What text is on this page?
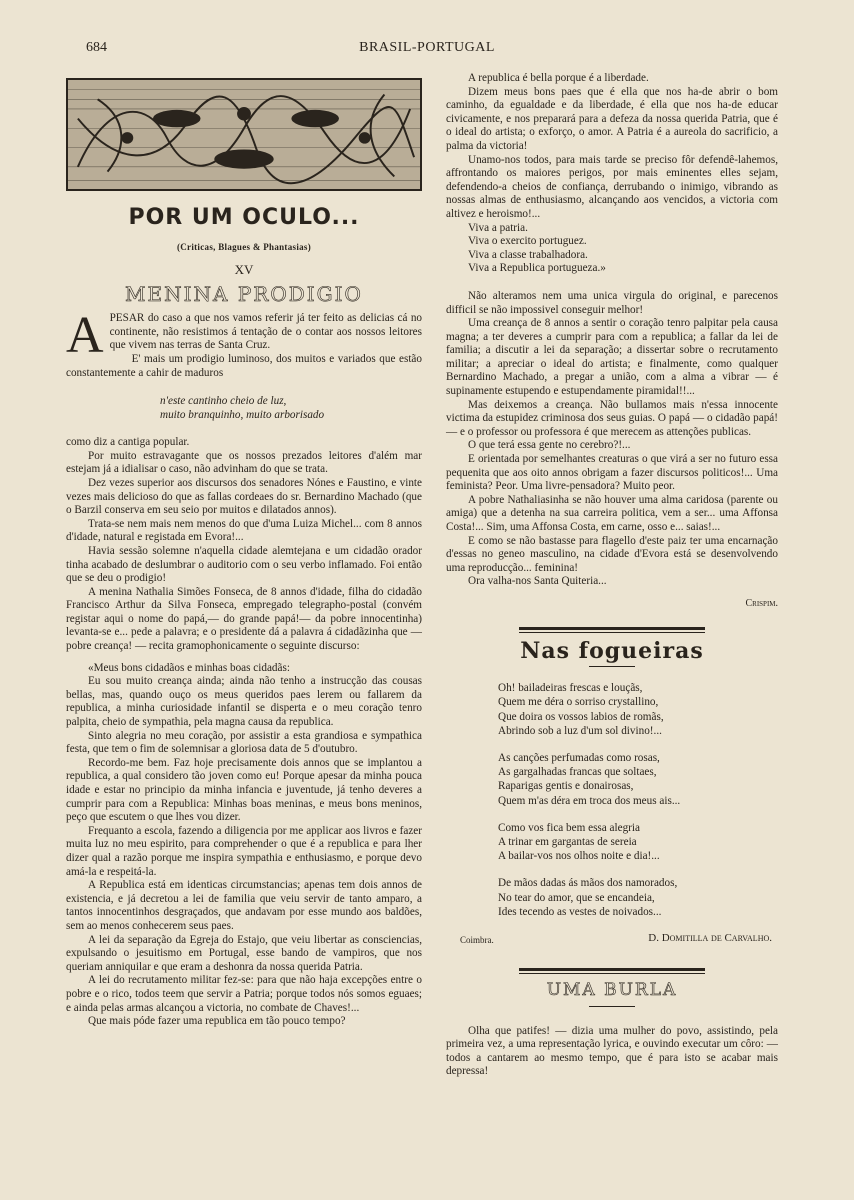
684	BRASIL-PORTUGAL
POR UM OCULO...
(Criticas, Blagues & Phantasias)
XV
MENINA PRODIGIO
A PESAR do caso a que nos vamos referir já ter feito as delicias cá no continente, não resistimos á tentação de o contar aos nossos leitores que vivem nas terras de Santa Cruz.

E' mais um prodigio luminoso, dos muitos e variados que estão constantemente a cahir de maduros

n'este cantinho cheio de luz,
muito branquinho, muito arborisado

como diz a cantiga popular.

Por muito estravagante que os nossos prezados leitores d'além mar estejam já a idialisar o caso, não advinham do que se trata.

Dez vezes superior aos discursos dos senadores Nónes e Faustino, e vinte vezes mais delicioso do que as fallas cordeaes do sr. Bernardino Machado (que o Barzil conserva em seu seio por muitos e dilatados annos).

Trata-se nem mais nem menos do que d'uma Luiza Michel... com 8 annos d'idade, natural e registada em Evora!...

Havia sessão solemne n'aquella cidade alemtejana e um cidadão orador tinha acabado de deslumbrar o auditorio com o seu verbo inflamado. Foi então que se deu o prodigio!

A menina Nathalia Simões Fonseca, de 8 annos d'idade, filha do cidadão Francisco Arthur da Silva Fonseca, empregado telegrapho-postal (convém registar aqui o nome do papá,— do grande papá!— da pobre innocentinha) levanta-se e... pede a palavra; e o presidente dá a palavra á cidadãzinha que — pobre creança! — recita gramophonicamente o seguinte discurso:

«Meus bons cidadãos e minhas boas cidadãs:

Eu sou muito creança ainda; ainda não tenho a instrucção das cousas bellas, mas, quando ouço os meus queridos paes lerem ou fallarem da republica, a minha curiosidade infantil se disperta e o meu coração tenro palpita, cheio de sympathia, pela magna causa da republica.

Sinto alegria no meu coração, por assistir a esta grandiosa e sympathica festa, que tem o fim de solemnisar a gloriosa data de 5 d'outubro.

Recordo-me bem. Faz hoje precisamente dois annos que se implantou a republica, a qual considero tão joven como eu! Porque apesar da minha pouca idade e estar no principio da minha infancia e juventude, já tenho deveres a cumprir para com a Republica: Minhas boas meninas, e meus bons meninos, peço que escutem o que lhes vou dizer.

Frequanto a escola, fazendo a diligencia por me applicar aos livros e fazer muita luz no meu espirito, para comprehender o que é a republica e para lher dizer qual a razão porque me inspira sympathia e enthusiasmo, e porque devo amá-la e respeitá-la.

A Republica está em identicas circumstancias; apenas tem dois annos de existencia, e já decretou a lei de familia que veiu servir de tanto amparo, a tantos innocentinhos desgraçados, que andavam por esse mundo aos baldões, sem ao menos conhecerem seus paes.

A lei da separação da Egreja do Estajo, que veiu libertar as consciencias, expulsando o jesuitismo em Portugal, esse bando de vampiros, que nos queriam anniquilar e que eram a deshonra da nossa querida Patria.

A lei do recrutamento militar fez-se: para que não haja excepções entre o pobre e o rico, todos teem que servir a Patria; porque todos nós somos eguaes; e ainda pelas armas alcançou a victoria, no combate de Chaves!...

Que mais póde fazer uma republica em tão pouco tempo?

A republica é bella porque é a liberdade.

Dizem meus bons paes que é ella que nos ha-de abrir o bom caminho, da egualdade e da liberdade, é ella que nos ha-de educar civicamente, e nos preparará para a defeza da nossa querida Patria, que é o ideal do artista; o exforço, o amor. A Patria é a aureola do sacrificio, a palma da victoria!

Unamo-nos todos, para mais tarde se preciso fôr defendê-lahemos, affrontando os maiores perigos, por mais eminentes elles sejam, defendendo-a cheios de confiança, derrubando o inimigo, vibrando as nossas almas de enthusiasmo, alcançando aos vencidos, a victoria com altivez e heroismo!...

Viva a patria.
Viva o exercito portuguez.
Viva a classe trabalhadora.
Viva a Republica portugueza.»

Não alteramos nem uma unica virgula do original, e parecenos difficil se não impossivel conseguir melhor!

Uma creança de 8 annos a sentir o coração tenro palpitar pela causa magna; a ter deveres a cumprir para com a republica; a fallar da lei de familia; a discutir a lei da separação; a dissertar sobre o recrutamento militar; a apreciar o ideal do artista; e finalmente, como qualquer Bernardino Machado, a pregar a união, com a alma a vibrar — é supinamente estupendo e estupendamente piramidal!!...

Mas deixemos a creança. Não bullamos mais n'essa innocente victima da estupidez criminosa dos seus guias. O papá — o cidadão papá! — e o professor ou professora é que merecem as attenções publicas.

O que terá essa gente no cerebro?!...

E orientada por semelhantes creaturas o que virá a ser no futuro essa pequenita que aos oito annos obrigam a fazer discursos politicos!... Uma feminista? Peor. Uma livre-pensadora? Muito peor.

A pobre Nathaliasinha se não houver uma alma caridosa (parente ou amiga) que a detenha na sua carreira politica, vem a ser... uma Affonsa Costa!... Sim, uma Affonsa Costa, em carne, osso e... saias!...

E como se não bastasse para flagello d'este paiz ter uma encarnação d'essas no geneo masculino, na cidade d'Evora está se desenvolvendo uma reproducção... feminina!

Ora valha-nos Santa Quiteria...

Crispim.
Nas fogueiras
Oh! bailadeiras frescas e louçãs,
Quem me déra o sorriso crystallino,
Que doira os vossos labios de romãs,
Abrindo sob a luz d'um sol divino!...
As canções perfumadas como rosas,
As gargalhadas francas que soltaes,
Raparigas gentis e donairosas,
Quem m'as déra em troca dos meus ais...
Como vos fica bem essa alegria
A trinar em gargantas de sereia
A bailar-vos nos olhos noite e dia!...
De mãos dadas ás mãos dos namorados,
No tear do amor, que se encandeia,
Ides tecendo as vestes de noivados...
Coimbra.	D. Domitilla de Carvalho.
UMA BURLA

Olha que patifes! — dizia uma mulher do povo, assistindo, pela primeira vez, a uma representação lyrica, e ouvindo executar um côro: — todos a cantarem ao mesmo tempo, que é para isto se acabar mais depressa!
